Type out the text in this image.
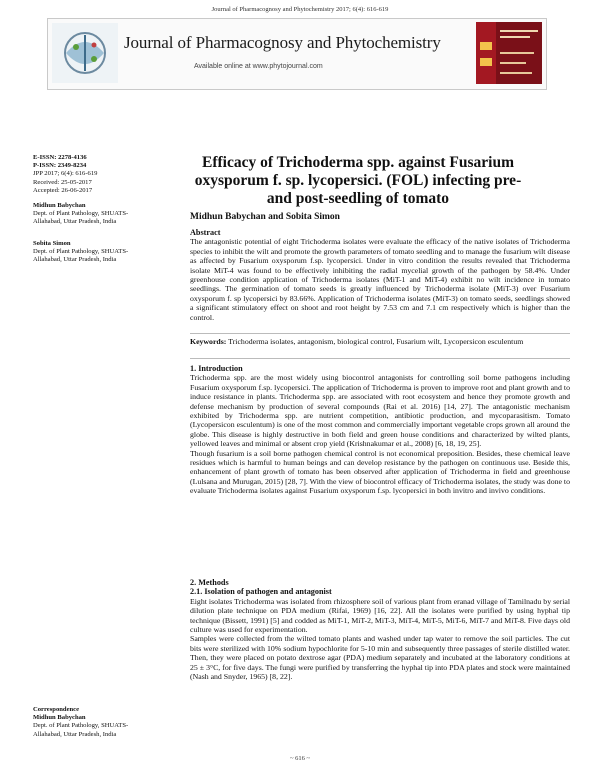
Journal of Pharmacognosy and Phytochemistry 2017; 6(4): 616-619
Journal of Pharmacognosy and Phytochemistry
Available online at www.phytojournal.com
E-ISSN: 2278-4136
P-ISSN: 2349-8234
JPP 2017; 6(4): 616-619
Received: 25-05-2017
Accepted: 26-06-2017
Midhun Babychan
Dept. of Plant Pathology, SHUATS-Allahabad, Uttar Pradesh, India
Sobita Simon
Dept. of Plant Pathology, SHUATS-Allahabad, Uttar Pradesh, India
Correspondence
Midhun Babychan
Dept. of Plant Pathology, SHUATS-Allahabad, Uttar Pradesh, India
Efficacy of Trichoderma spp. against Fusarium oxysporum f. sp. lycopersici. (FOL) infecting pre-and post-seedling of tomato
Midhun Babychan and Sobita Simon
Abstract

The antagonistic potential of eight Trichoderma isolates were evaluate the efficacy of the native isolates of Trichoderma species to inhibit the wilt and promote the growth parameters of tomato seedling and to manage the fusarium wilt disease as affected by Fusarium oxysporum f.sp. lycopersici. Under in vitro condition the results revealed that Trichoderma isolate MiT-4 was found to be effectively inhibiting the radial mycelial growth of the pathogen by 58.4%. Under greenhouse condition application of Trichoderma isolates (MiT-1 and MiT-4) exhibit no wilt incidence in tomato seedlings. The germination of tomato seeds is greatly influenced by Trichoderma isolate (MiT-3) over Fusarium oxysporum f. sp lycopersici by 83.66%. Application of Trichoderma isolates (MiT-3) on tomato seeds, seedlings showed a significant stimulatory effect on shoot and root height by 7.53 cm and 7.1 cm respectively which is higher than the control.

Keywords: Trichoderma isolates, antagonism, biological control, Fusarium wilt, Lycopersicon esculentum
1. Introduction

Trichoderma spp. are the most widely using biocontrol antagonists for controlling soil borne pathogens including Fusarium oxysporum f.sp. lycopersici. The application of Trichoderma is proven to improve root and plant growth and to induce resistance in plants. Trichoderma spp. are associated with root ecosystem and hence they promote growth and defense mechanism by production of several compounds (Rai et al. 2016) [14, 27]. The antagonistic mechanism exhibited by Trichoderma spp. are nutrient competition, antibiotic production, and mycoparasitism. Tomato (Lycopersicon esculentum) is one of the most common and commercially important vegetable crops grown all around the globe. This disease is highly destructive in both field and green house conditions and characterized by wilted plants, yellowed leaves and minimal or absent crop yield (Krishnakumar et al., 2008) [6, 18, 19, 25].

Though fusarium is a soil borne pathogen chemical control is not economical preposition. Besides, these chemical leave residues which is harmful to human beings and can develop resistance by the pathogen on continuous use. Beside this, enhancement of plant growth of tomato has been observed after application of Trichoderma in field and greenhouse (Lulsana and Murugan, 2015) [28, 7]. With the view of biocontrol efficacy of Trichoderma isolates, the study was done to evaluate Trichoderma isolates against Fusarium oxysporum f.sp. lycopersici in both invitro and invivo conditions.

2. Methods
2.1. Isolation of pathogen and antagonist

Eight isolates Trichoderma was isolated from rhizosphere soil of various plant from eranad village of Tamilnadu by serial dilution plate technique on PDA medium (Rifai, 1969) [16, 22]. All the isolates were purified by using hyphal tip technique (Bissett, 1991) [5] and codded as MiT-1, MiT-2, MiT-3, MiT-4, MiT-5, MiT-6, MiT-7 and MiT-8. Five days old culture was used for experimentation.

Samples were collected from the wilted tomato plants and washed under tap water to remove the soil particles. The cut bits were sterilized with 10% sodium hypochlorite for 5-10 min and subsequently three passages of sterile distilled water. Then, they were placed on potato dextrose agar (PDA) medium separately and incubated at the laboratory conditions at 25 ± 3°C, for five days. The fungi were purified by transferring the hyphal tip into PDA plates and stock were maintained (Nash and Snyder, 1965) [8, 22].

~ 616 ~
